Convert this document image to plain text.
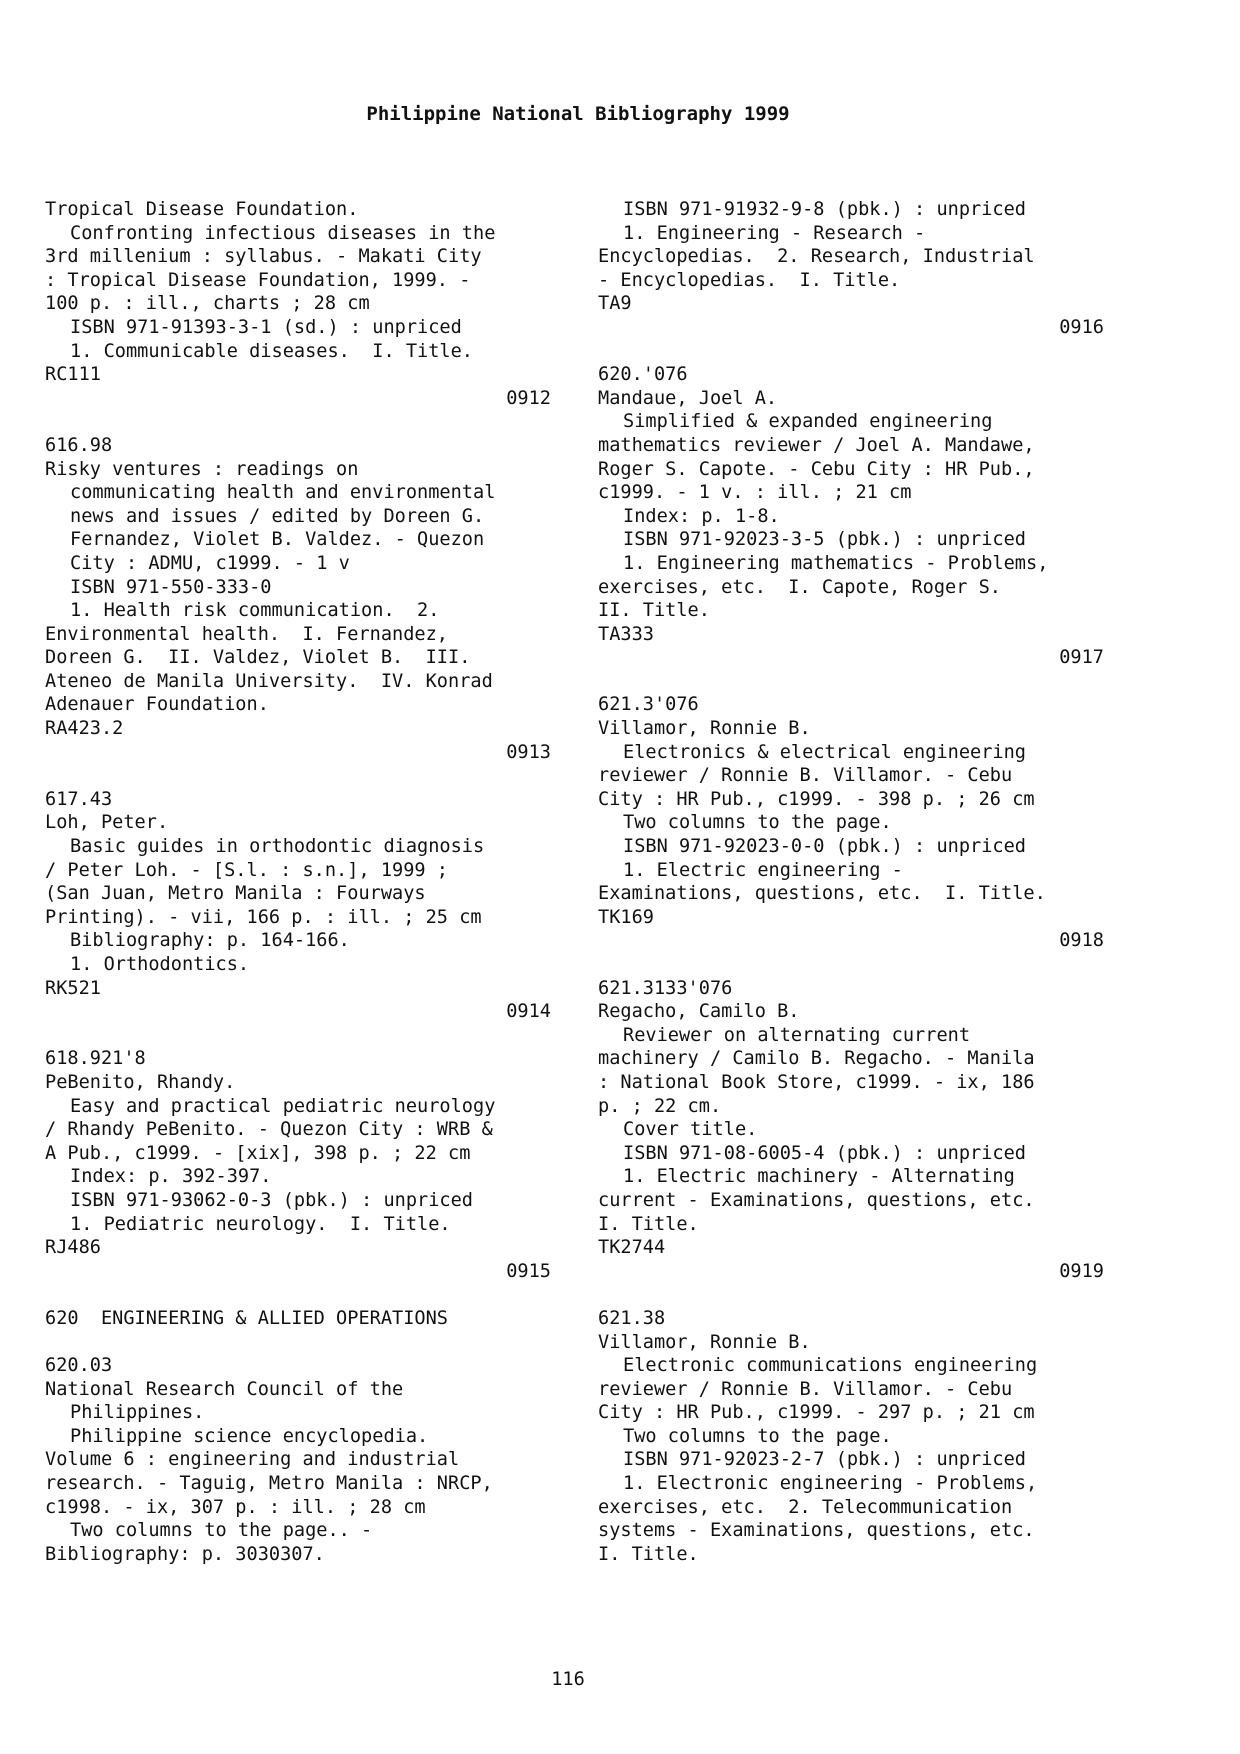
Philippine National Bibliography 1999
Tropical Disease Foundation.
Confronting infectious diseases in the
3rd millenium : syllabus. - Makati City
: Tropical Disease Foundation, 1999. -
100 p. : ill., charts ; 28 cm
ISBN 971-91393-3-1 (sd.) : unpriced
1. Communicable diseases.  I. Title.
RC111
0912
616.98
Risky ventures : readings on
communicating health and environmental
news and issues / edited by Doreen G.
Fernandez, Violet B. Valdez. - Quezon
City : ADMU, c1999. - 1 v
ISBN 971-550-333-0
1. Health risk communication.  2.
Environmental health.  I. Fernandez,
Doreen G.  II. Valdez, Violet B.  III.
Ateneo de Manila University.  IV. Konrad
Adenauer Foundation.
RA423.2
0913
617.43
Loh, Peter.
Basic guides in orthodontic diagnosis
/ Peter Loh. - [S.l. : s.n.], 1999 ;
(San Juan, Metro Manila : Fourways
Printing). - vii, 166 p. : ill. ; 25 cm
Bibliography: p. 164-166.
1. Orthodontics.
RK521
0914
618.921'8
PeBenito, Rhandy.
Easy and practical pediatric neurology
/ Rhandy PeBenito. - Quezon City : WRB &
A Pub., c1999. - [xix], 398 p. ; 22 cm
Index: p. 392-397.
ISBN 971-93062-0-3 (pbk.) : unpriced
1. Pediatric neurology.  I. Title.
RJ486
0915
620  ENGINEERING & ALLIED OPERATIONS
620.03
National Research Council of the
Philippines.
Philippine science encyclopedia.
Volume 6 : engineering and industrial
research. - Taguig, Metro Manila : NRCP,
c1998. - ix, 307 p. : ill. ; 28 cm
Two columns to the page.. -
Bibliography: p. 3030307.
ISBN 971-91932-9-8 (pbk.) : unpriced
1. Engineering - Research -
Encyclopedias.  2. Research, Industrial
- Encyclopedias.  I. Title.
TA9
0916
620.'076
Mandaue, Joel A.
Simplified & expanded engineering
mathematics reviewer / Joel A. Mandawe,
Roger S. Capote. - Cebu City : HR Pub.,
c1999. - 1 v. : ill. ; 21 cm
Index: p. 1-8.
ISBN 971-92023-3-5 (pbk.) : unpriced
1. Engineering mathematics - Problems,
exercises, etc.  I. Capote, Roger S.
II. Title.
TA333
0917
621.3'076
Villamor, Ronnie B.
Electronics & electrical engineering
reviewer / Ronnie B. Villamor. - Cebu
City : HR Pub., c1999. - 398 p. ; 26 cm
Two columns to the page.
ISBN 971-92023-0-0 (pbk.) : unpriced
1. Electric engineering -
Examinations, questions, etc.  I. Title.
TK169
0918
621.3133'076
Regacho, Camilo B.
Reviewer on alternating current
machinery / Camilo B. Regacho. - Manila
: National Book Store, c1999. - ix, 186
p. ; 22 cm.
Cover title.
ISBN 971-08-6005-4 (pbk.) : unpriced
1. Electric machinery - Alternating
current - Examinations, questions, etc.
I. Title.
TK2744
0919
621.38
Villamor, Ronnie B.
Electronic communications engineering
reviewer / Ronnie B. Villamor. - Cebu
City : HR Pub., c1999. - 297 p. ; 21 cm
Two columns to the page.
ISBN 971-92023-2-7 (pbk.) : unpriced
1. Electronic engineering - Problems,
exercises, etc.  2. Telecommunication
systems - Examinations, questions, etc.
I. Title.
116
